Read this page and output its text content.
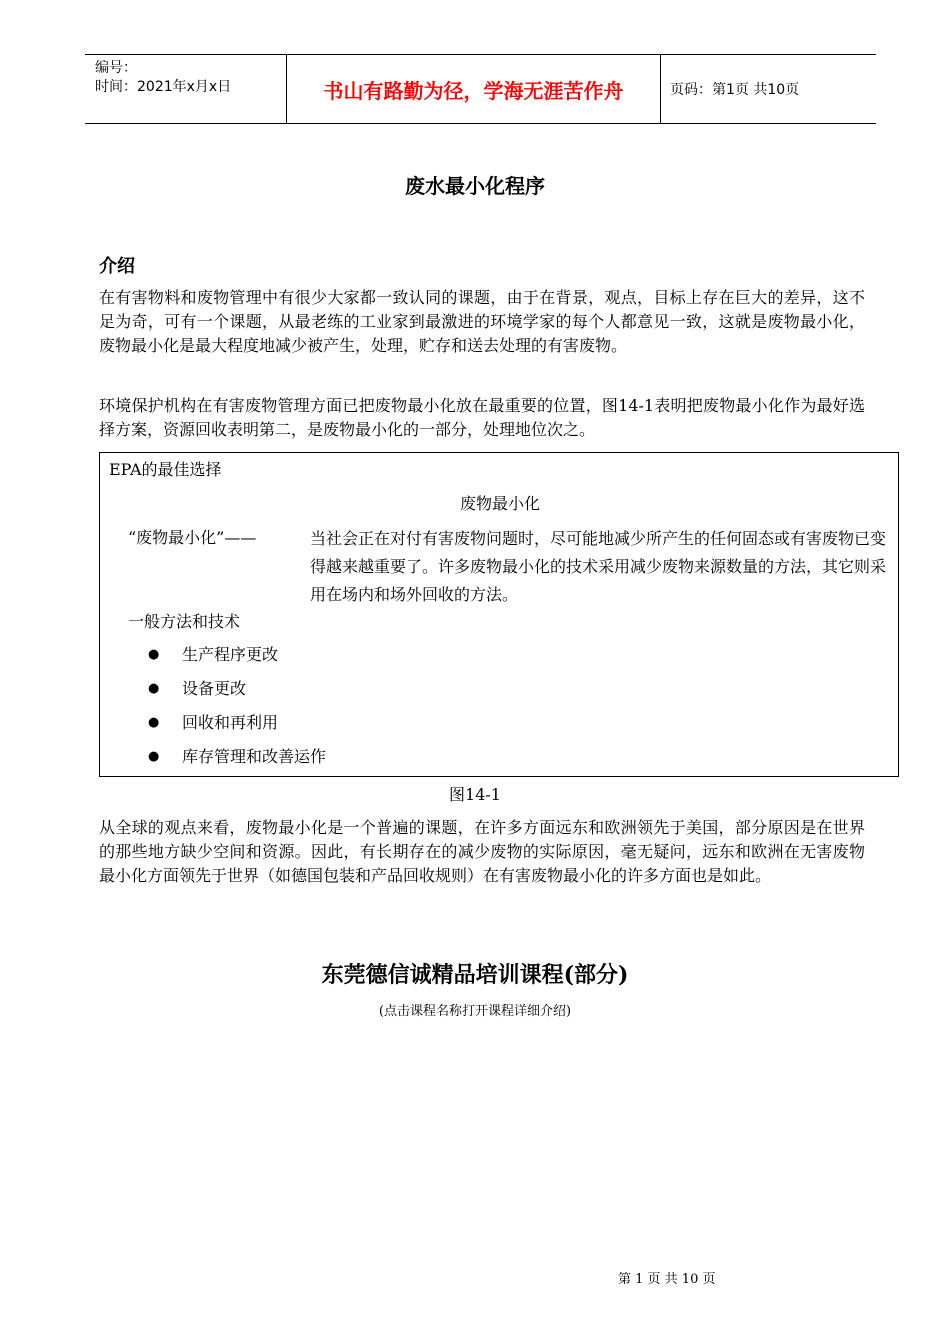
编号：
时间：2021年x月x日	书山有路勤为径，学海无涯苦作舟	页码：第1页 共10页
废水最小化程序
介绍
在有害物料和废物管理中有很少大家都一致认同的课题，由于在背景，观点，目标上存在巨大的差异，这不足为奇，可有一个课题，从最老练的工业家到最激进的环境学家的每个人都意见一致，这就是废物最小化，废物最小化是最大程度地减少被产生，处理，贮存和送去处理的有害废物。
环境保护机构在有害废物管理方面已把废物最小化放在最重要的位置，图14-1表明把废物最小化作为最好选择方案，资源回收表明第二，是废物最小化的一部分，处理地位次之。
EPA的最佳选择
废物最小化
“废物最小化”——	当社会正在对付有害废物问题时，尽可能地减少所产生的任何固态或有害废物已变得越来越重要了。许多废物最小化的技术采用减少废物来源数量的方法，其它则采用在场内和场外回收的方法。
一般方法和技术
●	生产程序更改
●	设备更改
●	回收和再利用
●	库存管理和改善运作
图14-1
从全球的观点来看，废物最小化是一个普遍的课题，在许多方面远东和欧洲领先于美国，部分原因是在世界的那些地方缺少空间和资源。因此，有长期存在的减少废物的实际原因，毫无疑问，远东和欧洲在无害废物最小化方面领先于世界（如德国包装和产品回收规则）在有害废物最小化的许多方面也是如此。
东莞德信诚精品培训课程(部分)
(点击课程名称打开课程详细介绍)
第 1 页 共 10 页
